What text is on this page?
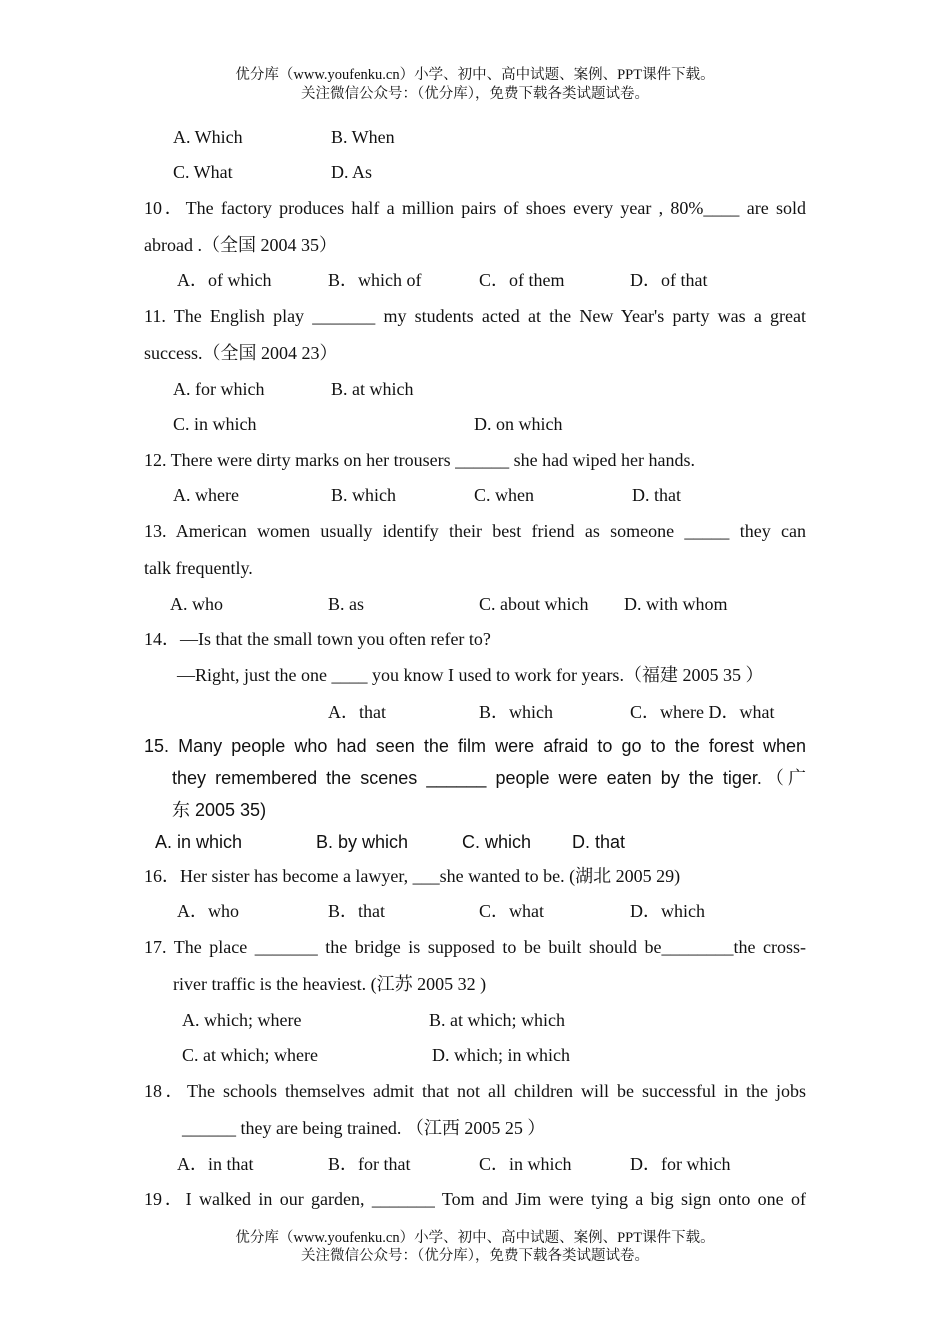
优分库（www.youfenku.cn）小学、初中、高中试题、案例、PPT课件下载。
关注微信公众号：（优分库），免费下载各类试题试卷。
A. Which	B. When
C. What	D. As
10．The factory produces half a million pairs of shoes every year , 80%____ are sold
abroad .（全国 2004 35）
A．of which	B．which of	C．of them	D．of that
11. The English play _______ my students acted at the New Year's party was a great
success.（全国 2004 23）
A. for which	B. at which
C. in which	D. on which
12. There were dirty marks on her trousers ______ she had wiped her hands.
A. where	B. which	C. when	D. that
13. American women usually identify their best friend as someone _____ they can
talk frequently.
A. who	B. as	C. about which D. with whom
14．—Is that the small town you often refer to?
—Right, just the one ____ you know I used to work for years.（福建 2005 35 ）
A．that	B．which	C．where D．what
15. Many people who had seen the film were afraid to go to the forest when
they remembered the scenes ______ people were eaten by the tiger.（广
东 2005 35)
A. in which	B. by which	C. which D. that
16．Her sister has become a lawyer, ___she wanted to be. (湖北 2005 29)
A．who	B．that	C．what	D．which
17. The place _______ the bridge is supposed to be built should be________the cross-
river traffic is the heaviest. (江苏 2005 32 )
A. which; where	B. at which; which
C. at which; where	D. which; in which
18．The schools themselves admit that not all children will be successful in the jobs
______ they are being trained. （江西 2005 25 ）
A．in that	B．for that	C．in which	D．for which
19．I walked in our garden, _______ Tom and Jim were tying a big sign onto one of
优分库（www.youfenku.cn）小学、初中、高中试题、案例、PPT课件下载。
关注微信公众号：（优分库），免费下载各类试题试卷。
